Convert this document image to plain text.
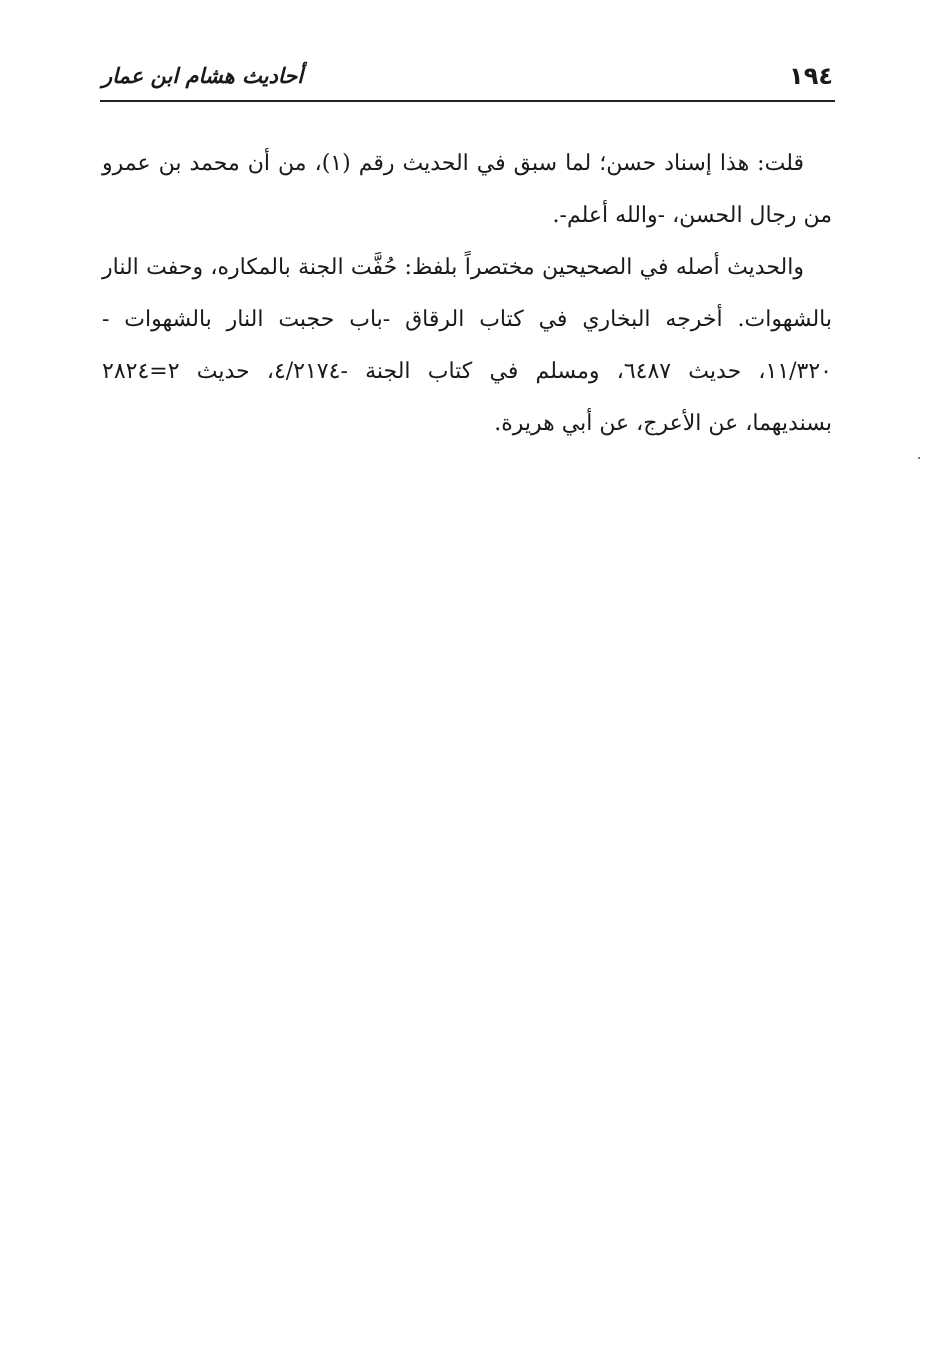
١٩٤
أحاديث هشام ابن عمار

قلت: هذا إسناد حسن؛ لما سبق في الحديث رقم (١)، من أن محمد بن عمرو من رجال الحسن، -والله أعلم-.

والحديث أصله في الصحيحين مختصراً بلفظ: حُفَّت الجنة بالمكاره، وحفت النار بالشهوات. أخرجه البخاري في كتاب الرقاق -باب حجبت النار بالشهوات - ١١/٣٢٠، حديث ٦٤٨٧، ومسلم في كتاب الجنة -٤/٢١٧٤، حديث ٢=٢٨٢٤ بسنديهما، عن الأعرج، عن أبي هريرة.
